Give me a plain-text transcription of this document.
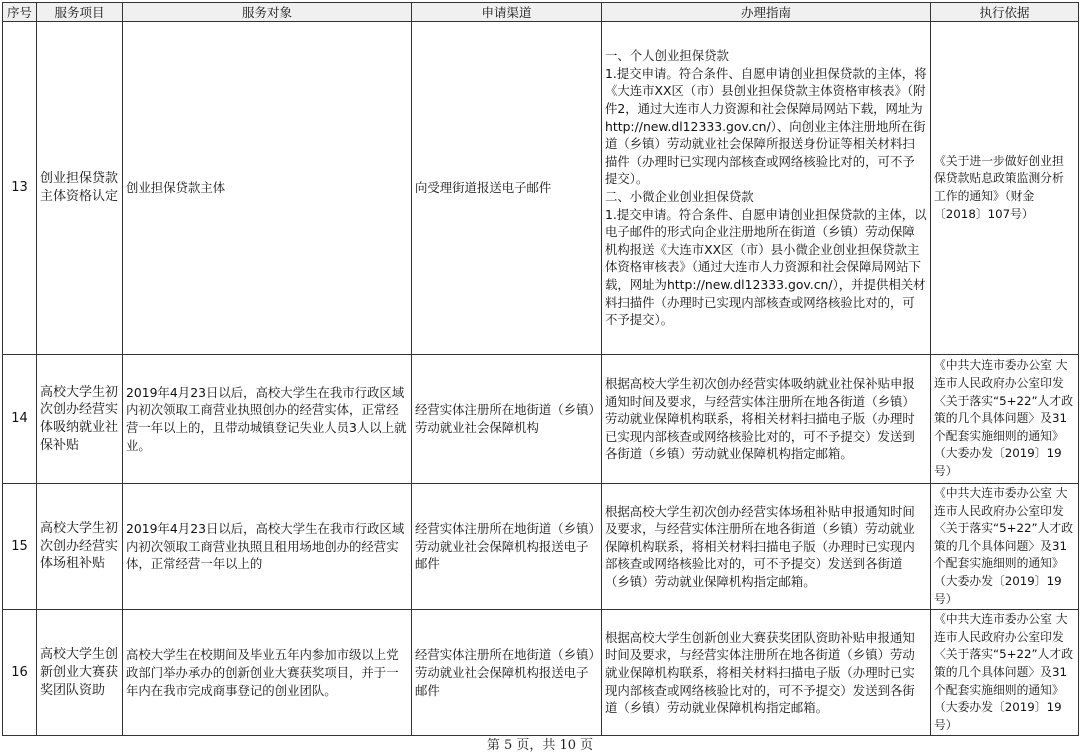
序号	服务项目	服务对象	申请渠道	办理指南	执行依据
13	创业担保贷款主体资格认定	创业担保贷款主体	向受理街道报送电子邮件	一、个人创业担保贷款
1.提交申请。符合条件、自愿申请创业担保贷款的主体，将《大连市XX区（市）县创业担保贷款主体资格审核表》（附件2，通过大连市人力资源和社会保障局网站下载，网址为http://new.dl12333.gov.cn/）、向创业主体注册地所在街道（乡镇）劳动就业社会保障所报送身份证等相关材料扫描件（办理时已实现内部核查或网络核验比对的，可不予提交）。
二、小微企业创业担保贷款
1.提交申请。符合条件、自愿申请创业担保贷款的主体，以电子邮件的形式向企业注册地所在街道（乡镇）劳动保障机构报送《大连市XX区（市）县小微企业创业担保贷款主体资格审核表》（通过大连市人力资源和社会保障局网站下载，网址为http://new.dl12333.gov.cn/），并提供相关材料扫描件（办理时已实现内部核查或网络核验比对的，可不予提交）。	《关于进一步做好创业担保贷款贴息政策监测分析工作的通知》（财金〔2018〕107号）
14	高校大学生初次创办经营实体吸纳就业社保补贴	2019年4月23日以后，高校大学生在我市行政区域内初次领取工商营业执照创办的经营实体，正常经营一年以上的，且带动城镇登记失业人员3人以上就业。	经营实体注册所在地街道（乡镇）劳动就业社会保障机构	根据高校大学生初次创办经营实体吸纳就业社保补贴申报通知时间及要求，与经营实体注册所在地各街道（乡镇）劳动就业保障机构联系，将相关材料扫描电子版（办理时已实现内部核查或网络核验比对的，可不予提交）发送到各街道（乡镇）劳动就业保障机构指定邮箱。	《中共大连市委办公室 大连市人民政府办公室印发〈关于落实“5+22”人才政策的几个具体问题〉及31个配套实施细则的通知》（大委办发〔2019〕19号）
15	高校大学生初次创办经营实体场租补贴	2019年4月23日以后，高校大学生在我市行政区域内初次领取工商营业执照且租用场地创办的经营实体，正常经营一年以上的	经营实体注册所在地街道（乡镇）劳动就业社会保障机构报送电子邮件	根据高校大学生初次创办经营实体场租补贴申报通知时间及要求，与经营实体注册所在地各街道（乡镇）劳动就业保障机构联系，将相关材料扫描电子版（办理时已实现内部核查或网络核验比对的，可不予提交）发送到各街道（乡镇）劳动就业保障机构指定邮箱。	《中共大连市委办公室 大连市人民政府办公室印发〈关于落实“5+22”人才政策的几个具体问题〉及31个配套实施细则的通知》（大委办发〔2019〕19号）
16	高校大学生创新创业大赛获奖团队资助	高校大学生在校期间及毕业五年内参加市级以上党政部门举办承办的创新创业大赛获奖项目，并于一年内在我市完成商事登记的创业团队。	经营实体注册所在地街道（乡镇）劳动就业社会保障机构报送电子邮件	根据高校大学生创新创业大赛获奖团队资助补贴申报通知时间及要求，与经营实体注册所在地各街道（乡镇）劳动就业保障机构联系，将相关材料扫描电子版（办理时已实现内部核查或网络核验比对的，可不予提交）发送到各街道（乡镇）劳动就业保障机构指定邮箱。	《中共大连市委办公室 大连市人民政府办公室印发〈关于落实“5+22”人才政策的几个具体问题〉及31个配套实施细则的通知》（大委办发〔2019〕19号）
第 5 页，共 10 页
